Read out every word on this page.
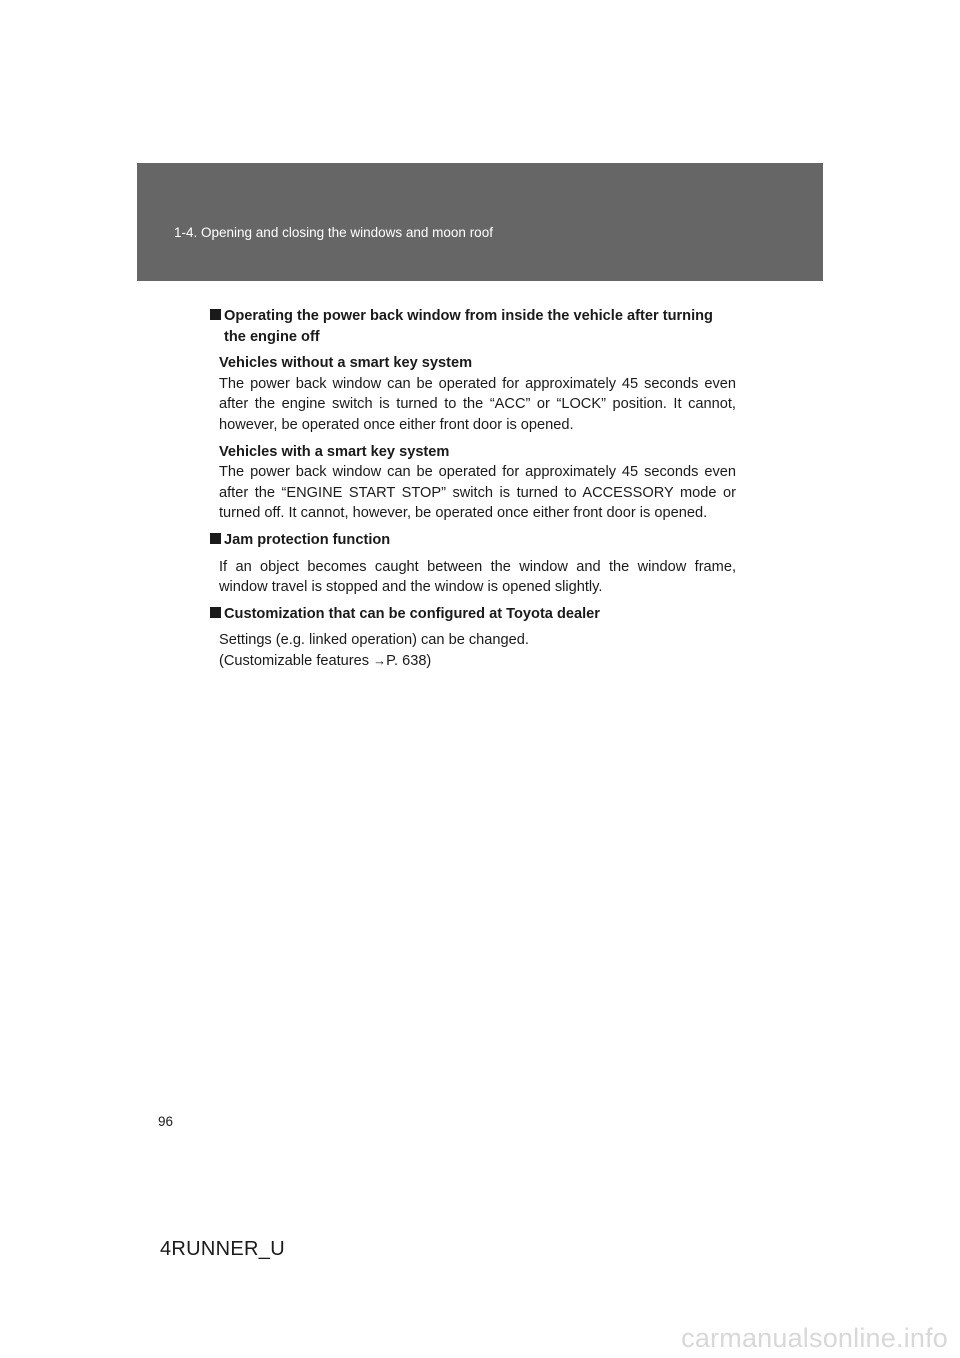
1-4. Opening and closing the windows and moon roof
Operating the power back window from inside the vehicle after turning the engine off
Vehicles without a smart key system
The power back window can be operated for approximately 45 seconds even after the engine switch is turned to the “ACC” or “LOCK” position. It cannot, however, be operated once either front door is opened.
Vehicles with a smart key system
The power back window can be operated for approximately 45 seconds even after the “ENGINE START STOP” switch is turned to ACCESSORY mode or turned off. It cannot, however, be operated once either front door is opened.
Jam protection function
If an object becomes caught between the window and the window frame, window travel is stopped and the window is opened slightly.
Customization that can be configured at Toyota dealer
Settings (e.g. linked operation) can be changed.
(Customizable features →P. 638)
96
4RUNNER_U
carmanualsonline.info
